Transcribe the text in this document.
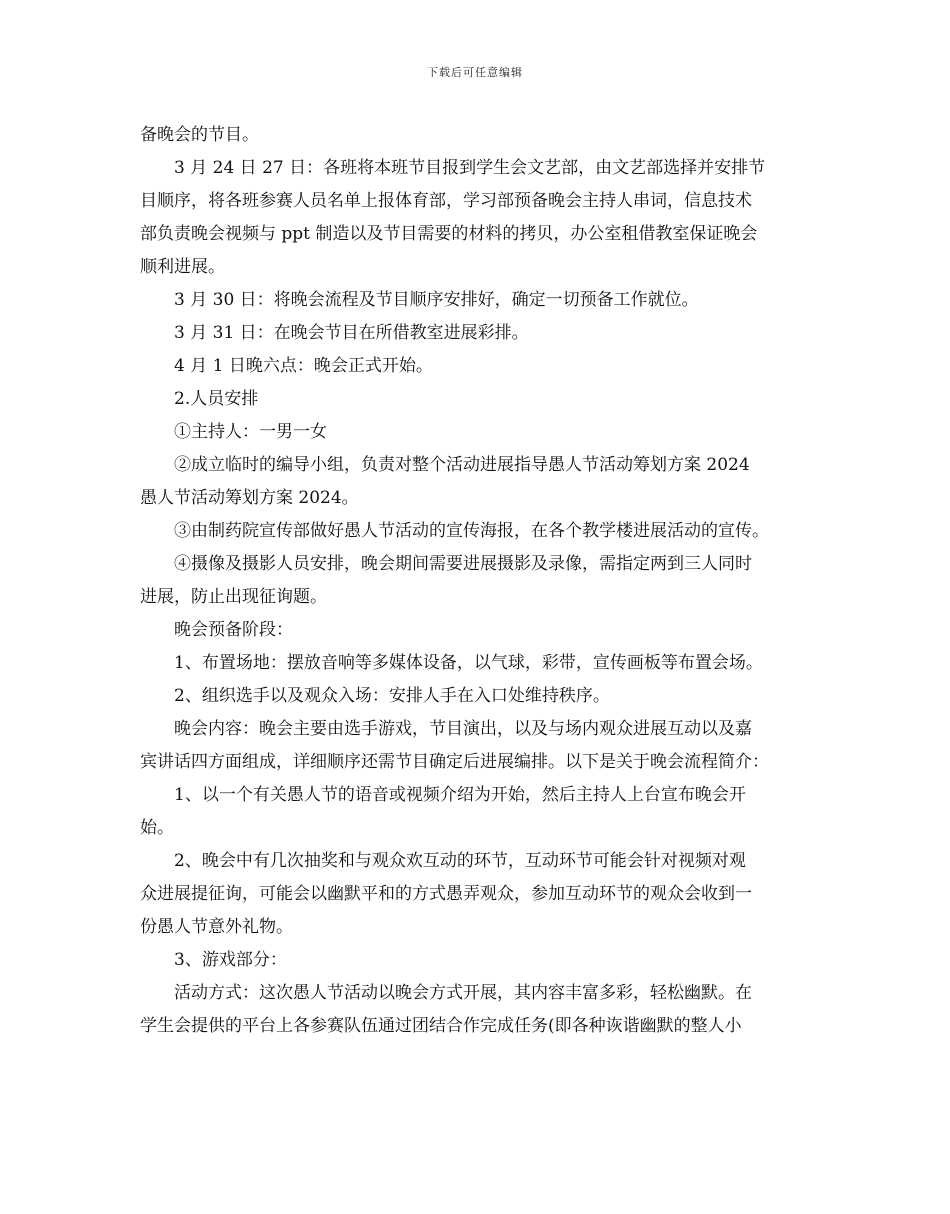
下载后可任意编辑
备晚会的节目。
3 月 24 日 27 日：各班将本班节目报到学生会文艺部，由文艺部选择并安排节
目顺序，将各班参赛人员名单上报体育部，学习部预备晚会主持人串词，信息技术
部负责晚会视频与 ppt 制造以及节目需要的材料的拷贝，办公室租借教室保证晚会
顺利进展。
3 月 30 日：将晚会流程及节目顺序安排好，确定一切预备工作就位。
3 月 31 日：在晚会节目在所借教室进展彩排。
4 月 1 日晚六点：晚会正式开始。
2.人员安排
①主持人：一男一女
②成立临时的编导小组，负责对整个活动进展指导愚人节活动筹划方案 2024
愚人节活动筹划方案 2024。
③由制药院宣传部做好愚人节活动的宣传海报，在各个教学楼进展活动的宣传。
④摄像及摄影人员安排，晚会期间需要进展摄影及录像，需指定两到三人同时
进展，防止出现征询题。
晚会预备阶段：
1、布置场地：摆放音响等多媒体设备，以气球，彩带，宣传画板等布置会场。
2、组织选手以及观众入场：安排人手在入口处维持秩序。
晚会内容：晚会主要由选手游戏，节目演出，以及与场内观众进展互动以及嘉
宾讲话四方面组成，详细顺序还需节目确定后进展编排。以下是关于晚会流程简介：
1、以一个有关愚人节的语音或视频介绍为开始，然后主持人上台宣布晚会开
始。
2、晚会中有几次抽奖和与观众欢互动的环节，互动环节可能会针对视频对观
众进展提征询，可能会以幽默平和的方式愚弄观众，参加互动环节的观众会收到一
份愚人节意外礼物。
3、游戏部分：
活动方式：这次愚人节活动以晚会方式开展，其内容丰富多彩，轻松幽默。在
学生会提供的平台上各参赛队伍通过团结合作完成任务(即各种诙谐幽默的整人小
